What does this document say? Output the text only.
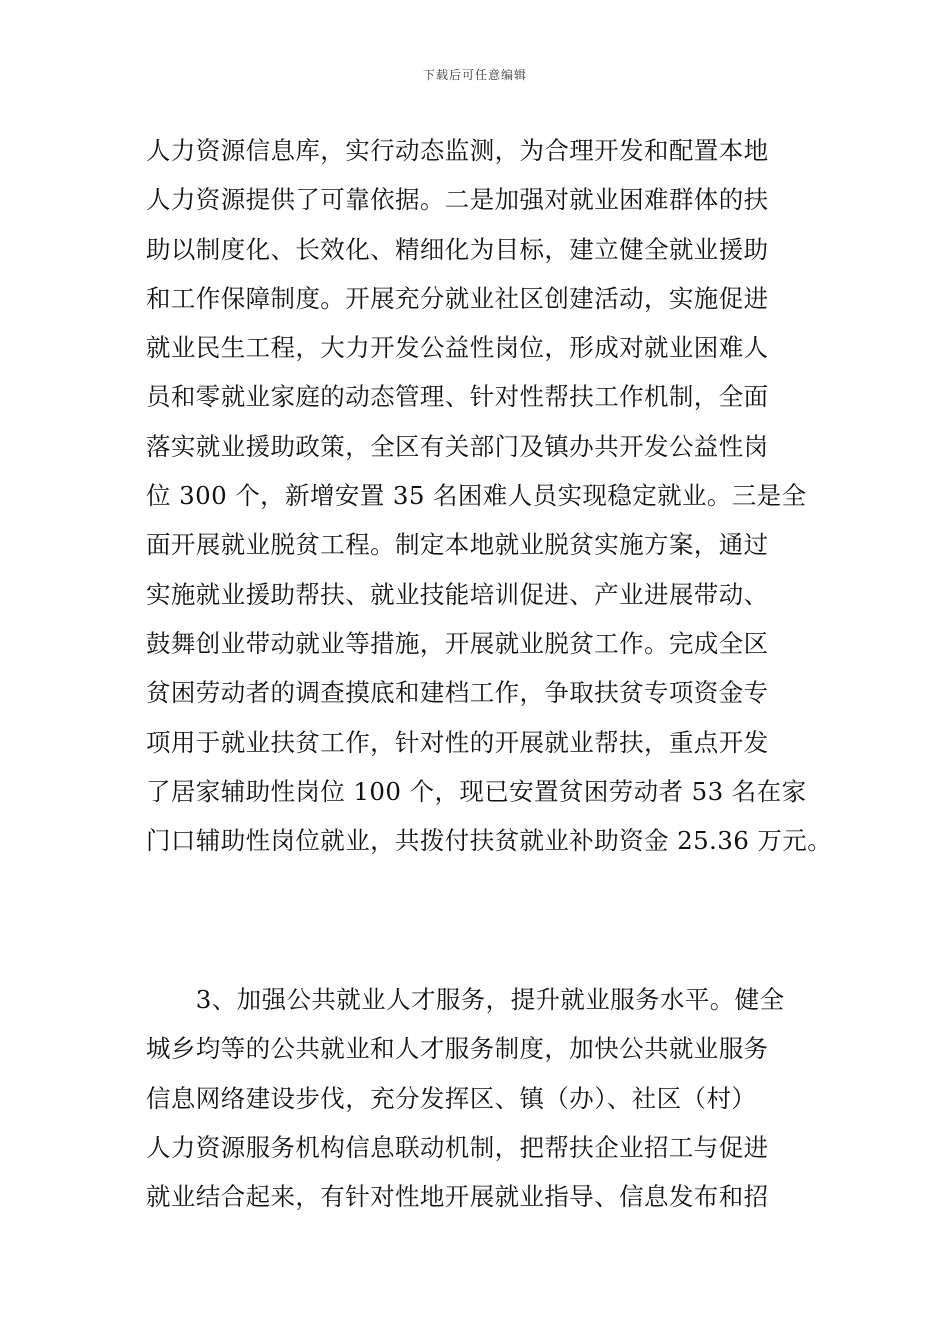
下载后可任意编辑
人力资源信息库，实行动态监测，为合理开发和配置本地
人力资源提供了可靠依据。二是加强对就业困难群体的扶
助以制度化、长效化、精细化为目标，建立健全就业援助
和工作保障制度。开展充分就业社区创建活动，实施促进
就业民生工程，大力开发公益性岗位，形成对就业困难人
员和零就业家庭的动态管理、针对性帮扶工作机制，全面
落实就业援助政策，全区有关部门及镇办共开发公益性岗
位 300 个，新增安置 35 名困难人员实现稳定就业。三是全
面开展就业脱贫工程。制定本地就业脱贫实施方案，通过
实施就业援助帮扶、就业技能培训促进、产业进展带动、
鼓舞创业带动就业等措施，开展就业脱贫工作。完成全区
贫困劳动者的调查摸底和建档工作，争取扶贫专项资金专
项用于就业扶贫工作，针对性的开展就业帮扶，重点开发
了居家辅助性岗位 100 个，现已安置贫困劳动者 53 名在家
门口辅助性岗位就业，共拨付扶贫就业补助资金 25.36 万元。
　　3、加强公共就业人才服务，提升就业服务水平。健全
城乡均等的公共就业和人才服务制度，加快公共就业服务
信息网络建设步伐，充分发挥区、镇（办）、社区（村）
人力资源服务机构信息联动机制，把帮扶企业招工与促进
就业结合起来，有针对性地开展就业指导、信息发布和招
